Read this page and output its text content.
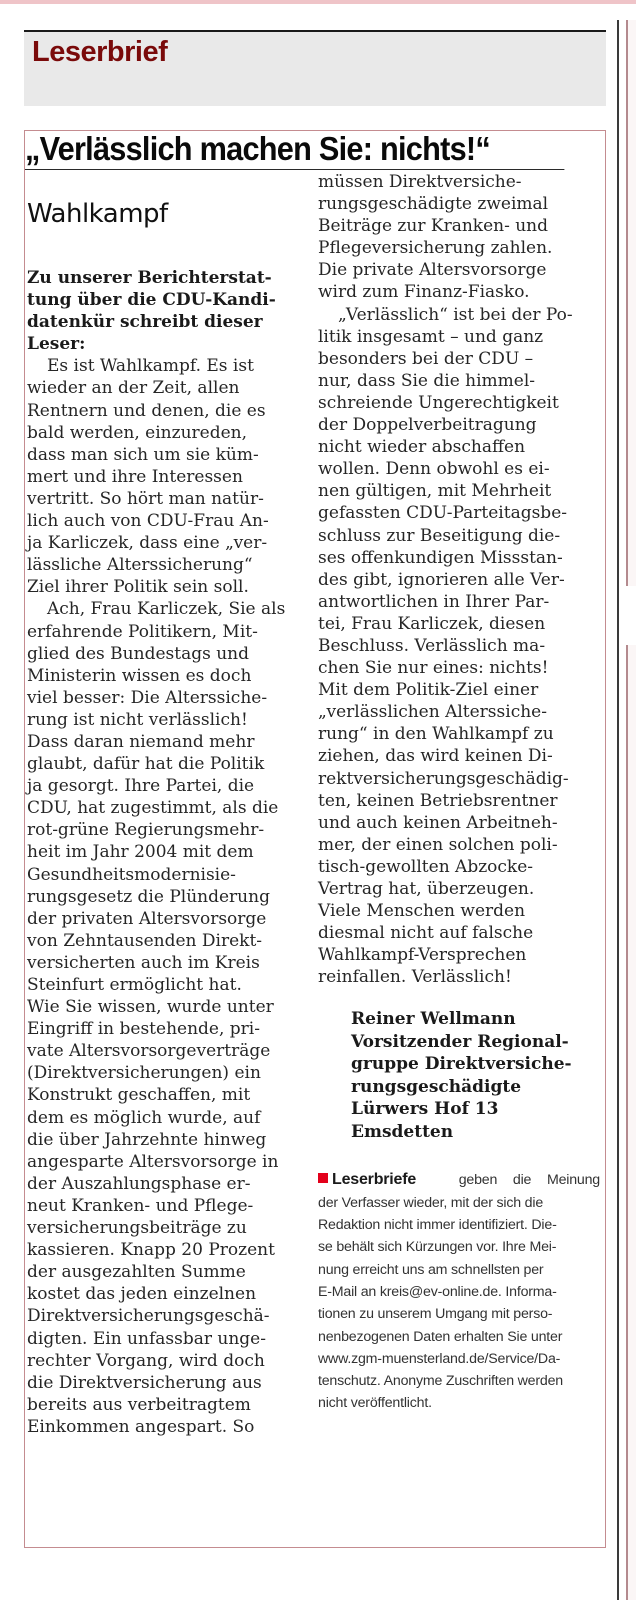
Leserbrief
„Verlässlich machen Sie: nichts!“
Wahlkampf
Zu unserer Berichterstat-
tung über die CDU-Kandi-
datenkür schreibt dieser
Leser:
Es ist Wahlkampf. Es ist
wieder an der Zeit, allen
Rentnern und denen, die es
bald werden, einzureden,
dass man sich um sie küm-
mert und ihre Interessen
vertritt. So hört man natür-
lich auch von CDU-Frau An-
ja Karliczek, dass eine „ver-
lässliche Alterssicherung“
Ziel ihrer Politik sein soll.
Ach, Frau Karliczek, Sie als
erfahrende Politikern, Mit-
glied des Bundestags und
Ministerin wissen es doch
viel besser: Die Alterssiche-
rung ist nicht verlässlich!
Dass daran niemand mehr
glaubt, dafür hat die Politik
ja gesorgt. Ihre Partei, die
CDU, hat zugestimmt, als die
rot-grüne Regierungsmehr-
heit im Jahr 2004 mit dem
Gesundheitsmodernisie-
rungsgesetz die Plünderung
der privaten Altersvorsorge
von Zehntausenden Direkt-
versicherten auch im Kreis
Steinfurt ermöglicht hat.
Wie Sie wissen, wurde unter
Eingriff in bestehende, pri-
vate Altersvorsorgeverträge
(Direktversicherungen) ein
Konstrukt geschaffen, mit
dem es möglich wurde, auf
die über Jahrzehnte hinweg
angesparte Altersvorsorge in
der Auszahlungsphase er-
neut Kranken- und Pflege-
versicherungsbeiträge zu
kassieren. Knapp 20 Prozent
der ausgezahlten Summe
kostet das jeden einzelnen
Direktversicherungsgeschä-
digten. Ein unfassbar unge-
rechter Vorgang, wird doch
die Direktversicherung aus
bereits aus verbeitragtem
Einkommen angespart. So
müssen Direktversiche-
rungsgeschädigte zweimal
Beiträge zur Kranken- und
Pflegeversicherung zahlen.
Die private Altersvorsorge
wird zum Finanz-Fiasko.
„Verlässlich“ ist bei der Po-
litik insgesamt – und ganz
besonders bei der CDU –
nur, dass Sie die himmel-
schreiende Ungerechtigkeit
der Doppelverbeitragung
nicht wieder abschaffen
wollen. Denn obwohl es ei-
nen gültigen, mit Mehrheit
gefassten CDU-Parteitagsbe-
schluss zur Beseitigung die-
ses offenkundigen Missstan-
des gibt, ignorieren alle Ver-
antwortlichen in Ihrer Par-
tei, Frau Karliczek, diesen
Beschluss. Verlässlich ma-
chen Sie nur eines: nichts!
Mit dem Politik-Ziel einer
„verlässlichen Alterssiche-
rung“ in den Wahlkampf zu
ziehen, das wird keinen Di-
rektversicherungsgeschädig-
ten, keinen Betriebsrentner
und auch keinen Arbeitneh-
mer, der einen solchen poli-
tisch-gewollten Abzocke-
Vertrag hat, überzeugen.
Viele Menschen werden
diesmal nicht auf falsche
Wahlkampf-Versprechen
reinfallen. Verlässlich!
Reiner Wellmann
Vorsitzender Regional-
gruppe Direktversiche-
rungsgeschädigte
Lürwers Hof 13
Emsdetten
Leserbriefe	geben die Meinung
der Verfasser wieder, mit der sich die
Redaktion nicht immer identifiziert. Die-
se behält sich Kürzungen vor. Ihre Mei-
nung erreicht uns am schnellsten per
E-Mail an kreis@ev-online.de. Informa-
tionen zu unserem Umgang mit perso-
nenbezogenen Daten erhalten Sie unter
www.zgm-muensterland.de/Service/Da-
tenschutz. Anonyme Zuschriften werden
nicht veröffentlicht.
